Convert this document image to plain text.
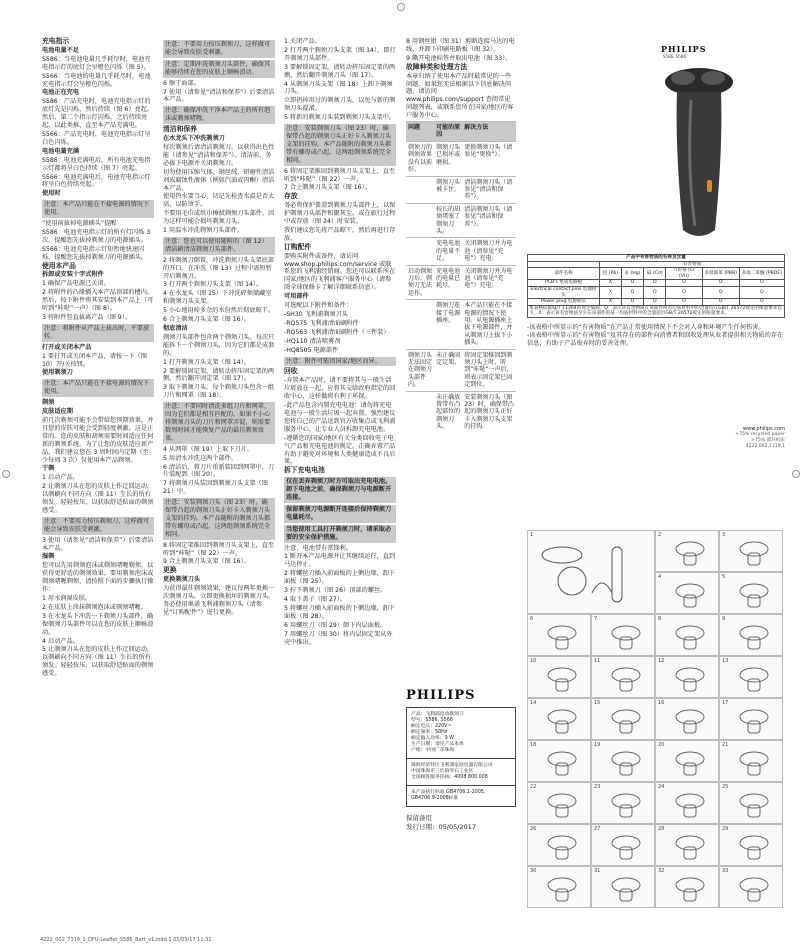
充电指示

电池电量不足

S586：当电池电量几乎耗尽时，电池充电指示灯的底灯会呈橙色闪烁（图 5）。

S566：当电池的电量几乎耗尽时，电池充电指示灯会呈橙色闪烁。

电池正在充电

S586：产品充电时，电池充电指示灯的底灯先是闪烁，然后持续（图 6）亮起。然后，第二个指示灯闪烁，之后持续亮起，以此类推，直至本产品充满电。

S566：产品充电时，电池充电指示灯呈白色闪烁。

电池电量充满

S586：电池充满电后，所有电池充电指示灯都将呈白色持续（图 7）亮起。

S566：电池充满电后，电池充电指示灯将呈白色持续亮起。

使用时

注意：本产品只能在不接电源的情况下使用。

“使用前拔掉电源插头”提醒

S586：电池充电指示灯的所有灯闪烁 3 次，提醒您先拔掉剃须刀的电源插头。

S566：电池充电指示灯短暂地快速闪烁，提醒您先拔掉剃须刀的电源插头。

使用本产品

拆卸或安装十字式附件

1 确保产品电源已关闭。

2 将附件的凸缘插入本产品顶部的槽内。然后，按下附件将其安装到本产品上（可听到“咔哒”一声）（图 8）。

3 将附件竖直拔离产品（图 9）。

注意：将附件从产品上拔出时，不要旋转。

打开或关闭本产品

1 要打开或关闭本产品，请按一下（图 10）开/关按钮。

使用剃须刀

注意：本产品只能在不接电源的情况下使用。

剃须

皮肤适应期

前几次剃须可能不会带给您预期效果，并且您的皮肤可能会受到轻度刺激。这是正常的。您的皮肤和胡须需要时间适应任何新的剃须系统。为了让您的皮肤适应新产品，我们建议您在 3 周时间内定期（至少每周 3 次）仅使用本产品剃须。

干剃

1 启动产品。

2 让剃须刀头在您的皮肤上作迂回运动，以剃刷向不同方向（图 11）生长的所有须发。轻轻按压，以获取舒适贴面的剃须感受。

注意：不要用力按压剃须刀，这样做可能会导致皮肤受刺激。

3 使用（请参见“清洁和保养”）后要清洁本产品。

湿剃

您可以先用剃须泡沫或剃须啫喱剃须，以获得更舒适的剃须效果。要用剃须泡沫或剃须啫喱剃须，请按照下面的步骤执行操作：

1 用水润湿皮肤。

2 在皮肤上涂抹剃须泡沫或剃须啫喱。

3 在水龙头下冲洗一下剃须刀头部件，确保剃须刀头部件可以在您的皮肤上顺畅滑动。

4 启动产品。

5 让剃须刀头在您的皮肤上作迂回运动，以剃刷向不同方向（图 11）生长的所有须发。轻轻按压，以获取舒适贴面的剃须感受。

注意：不要用力按压剃须刀，这样做可能会导致皮肤受刺激。
注意：定期冲洗剃须刀头部件，确保其能够持续在您的皮肤上顺畅滑动。

6 擦干面部。

7 使用（请参见“清洁和保养”）后要清洁本产品。

注意：确保冲洗干净本产品上的所有泡沫或剃须啫喱。

清洁和保养

在水龙头下冲洗剃须刀

每次剃须后请清洁剃须刀，以获得出色性能（请参见“清洁和保养”）。清洁前，务必拔下电源并关闭剃须刀。

切勿使用压缩气体、钢丝绒、研磨性清洁剂或腐蚀性液体（例如汽油或丙酮）清洁本产品。

使用热水要当心。切记先检查水温是否太高，以防烫手。

不要用毛巾或纸巾擦拭剃须刀头部件，因为这样可能会损坏剃须刀头。

1 用温水冲洗剃须刀头部件。

注意：您也可以使用随附的（图 12）清洁刷清洁剃须刀头部件。

2 将剃须刀倒置，冲洗剃须刀头支架底部的开口。在冲洗（图 13）过程中需短暂开启剃须刀。

3 打开两个剃须刀头支架（图 14）。

4 在水龙头（图 15）下冲洗碎须储藏室和剃须刀头支架。

5 小心地用掉多余的水份然后彻底晾干。

6 合上剃须刀头支架（图 16）。

彻底清洁

剃须刀头部件包含两个剃须刀头。每次只能拆下一个剃须刀头，因为它们都是成套的。

1 打开剃须刀头支架（图 14）。

2 要解锁固定架，请转动挤压固定架的两侧，然后翻开固定架（图 17）。

3 取下剃须刀头，每个剃须刀头包含一组刀片和网罩（图 18）。

注意：不要同时清洗多组刀片和网罩，因为它们都是相互匹配的。如果不小心将剃须刀头的刀片和网罩弄混，则需要数周时间才能恢复产品的最佳剃须效果。

4 从网罩（图 19）上取下刀片。

5 用清水冲洗这两个部件。

6 清洁后，将刀片重新装回到网罩中，刀片装配到（图 20）。

7 将剃须刀头装回到剃须刀头支架（图 21）中。

注意：安装剃须刀头（图 23）时，确保带凸起的剃须刀头正好卡入剃须刀头支架的挂钩。本产品随附的剃须刀头都带有螺母或凸起。这两组剃须系统完全相同。

8 将固定架推回到剃须刀头支架上，直至听到“咔哒”（图 22）一声。

9 合上剃须刀头支架（图 16）。

更换

更换剃须刀头

为获得最佳剃须效果，建议每两年更换一次剃须刀头。立即更换损坏的剃须刀头。务必使用奥诺飞利浦剃须刀头（请参见“订购配件”）进行更换。

1 关闭产品。

2 打开两个剃须刀头支架（图 14），即打开剃须刀头部件。

3 要解锁固定架，请转动挤压固定架的两侧，然后翻开剃须刀头（图 17）。

4 从剃须刀头支架（图 18）上卸下剃须刀头。

立即扔掉用过的剃须刀头，以免与新的剃须刀头混淆。

5 将新的剃须刀头装到剃须刀头支架中。

注意：安装剃须刀头（图 23）时，确保带凸起的剃须刀头正好卡入剃须刀头支架的挂钩。本产品随附的剃须刀头都带有螺母或凸起。这两组剃须系统完全相同。

6 将固定架推回到剃须刀头支架上，直至听到“咔哒”（图 22）一声。

7 合上剃须刀头支架（图 16）。

存放

务必将保护盖滑到剃须刀头部件上，以保护剃须刀头部件和聚灰尘。或在旅行过程中或存放（图 24）时安装。

我们建议您先将产品晾干，然后再进行存放。

订购配件

要购买附件或备件，请访问 www.shop.philips.com/service 或联系您的飞利浦经销商。您还可以联系所在国家/地区的飞利浦客户服务中心（请参阅全球保修卡了解详细联系信息）。

可用部件

可选配以下附件和备件：

-SH30 飞利浦剃须刀头

-RQ575 飞利浦清面刷附件

-RQ563 飞利浦清面刷附件（三件装）

-HQ110 清洁喷雾剂

-HQ8505 电源部件

注意：附件可能因国家/地区而异。

回收

-弃置本产品时，请不要将其与一般生活垃圾放在一起，应将其交给政府指定的回收中心，这样做将有利于环保。

-此产品包含内置充电电池：请勿将充电电池与一般生活垃圾一起弃置。强烈建议您将自己的产品送到官方收集点或飞利浦服务中心，让专业人员拆卸充电电池。

-遵循您的国家/地区有关分类回收电子电气产品和充电电池的规定。正确弃置产品有助于避免对环境和人类健康造成不良后果。

拆下充电电池

仅在丢弃剃须刀时方可取出充电电池。卸下电池之前，确保剃须刀与电源断开连接。
保留剃须刀电源断开连接后保持剃须刀电量耗尽。
当您使用工具打开剃须刀时，请采取必要的安全保护措施。

注意，电池带有常锋利。

1 断开本产品电源并让其继续运行，直到马达停止。

2 将螺丝刀插入前面板的上侧边缘，卸下面板（图 25）。

3 拧下剃须刀（图 26）顶部的螺丝。

4 取下盖子（图 27）。

5 将螺丝刀插入前面板的下侧边缘，卸下面板（图 28）。

6 用螺丝刀（图 29）卸下内层面板。

7 用螺丝刀（图 30）将内层固定架从外壳中推出。

PHILIPS
产品：飞利浦电动剃须刀
型号：S586, S566
额定电压：220V~
额定频率：50Hz
额定输入功率：9 W
生产日期：请见产品本体
产地：中国广东珠海
珠海经济特区飞利浦家庭电器有限公司
中国珠海市三灶镇琴石工业区
全国顾客服务热线：4008 800 008
本产品执行标准 GB4706.1-2005,
GB4706.9-2008标准
保留备用
发行日期：05/05/2017

8 用钢丝钳（图 31）剪断连接马达的电线，并卸下印刷电路板（图 32）。

9 撕开电池标签并取出电池（图 33）。

故障种类和处理方法

本章归纳了使用本产品时最常见的一些问题。如果您无法根据以下信息解决问题，请访问 www.philips.com/support 查阅常见问题列表，或联系您所在国家/地区的客户服务中心。

问题	可能的原因	解决方法
剃须刀的剃须效果没有以前好。	剃须刀头已损坏或磨损。	更换剃须刀头（请参见“更换”）。
	剃须刀头被卡住。	清洁剃须刀头（请参见“清洁和保养”）。
	较长的胡须堵塞了剃须刀头。	清洁剃须刀头（请参见“清洁和保养”）。
	充电电池的电量不足。	关闭剃须刀并为电池（请参见“充电”）充电。
启动剃须刀后，剃须刀无法运作。	充电电池的电量已耗尽。	关闭剃须刀并为电池（请参见“充电”）充电。
	剃须刀连接了电源插座。	本产品只能在不接电源的情况下使用。从电源插座上拔下电源部件，并从剃须刀上拔下小插头。
剃须刀头无法固定在剃须刀头部件内。	未正确固定定架。	将固定架推回到剃须刀头上时，听到“咔哒”一声后，则表示固定架已固定到位。
	未正确放置带有凸起部位的剃须刀头。	安装剃须刀头（图 23）时，确保带凸起的剃须刀头正好卡入剃须刀头支架的挂钩。
PHILIPS
S586, S566
产品中有害物质的名称及含量						
	有害物质					
部件名称	铅 (Pb)	汞 (Hg)	镉 (Cd)	六价铬 (Cr (VI))	多溴联苯 (PBB)	多溴二苯醚 (PBDE)
PCB's 集成电路板	X	O	O	O	O	O
Electrical contact pins 电器接头	X	O	O	O	O	O
Power plug 电源插头	X	O	O	O	O	O
本表格依据SJ/T 11364的规定编制。O：表示该有害物质在该部件所有均质材料中的含量均在GB/T 26572规定的限量要求以下。X：表示该有害物质至少在该部件的某一均质材料中的含量超出GB/T 26572规定的限量要求。						

-该表格中所显示的“有害物质”在产品正常使用情况下不会对人身和环境产生任何伤害。

-该表格中所显示的“有害物质”及其存在的部件向消费者和回收处理从业者提供相关物质的存在信息，有助于产品废弃时的妥善处理。

www.philips.com
>75% recycled paper
>75% 循环纸张
4222.002.7319.1
1	2	3
4	5
6	7	8	9
10	11	12	13
14	15	16	17
18	19	20	21
22	23	24	25
26	27	28	29
30	31	32	33
4222_002_7319_1_DFU-Leaflet_S586_Bart_v1.indd 1 05/05/17 11:31
